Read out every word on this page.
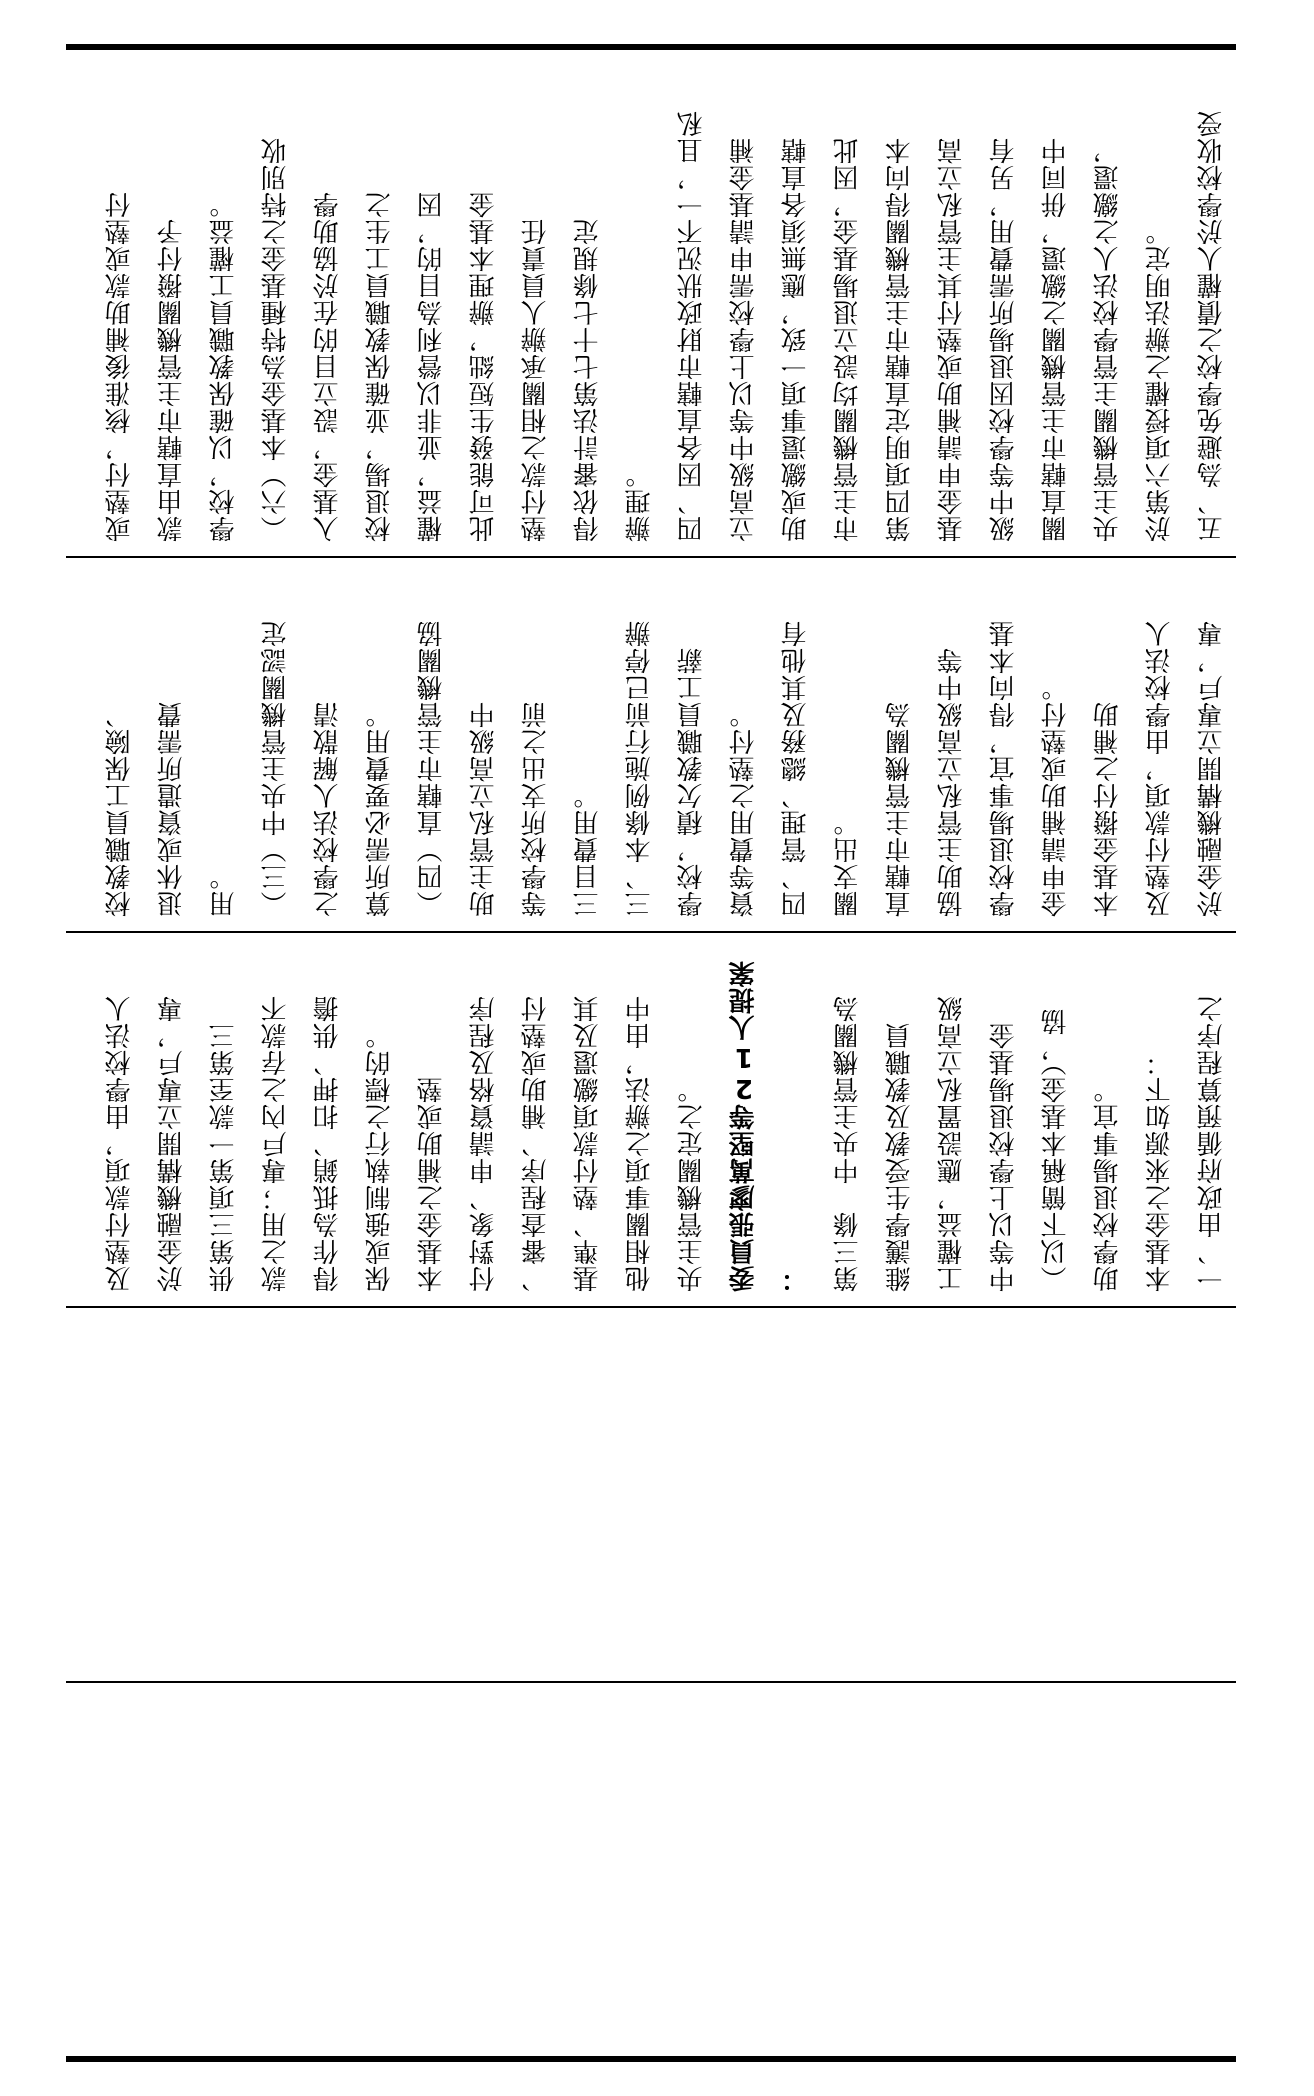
或墊付，核准後補助款或墊付 款由直轄市主管機關撥付予 學校，以確保教職員工權益。 （六）本基金為特種基金之特別收 入基金，設立目的在於協助學 校退場，並確保教職員工生之 權益，並非以營利為目的，因 此可能發生短絀，辦理本基金 墊付款之相關承辦人員責任 得依審計法第七十七條規定 辦理。 四、因各直轄市財政狀況不一，且私 立高級中等以上學校需申請基金補 助或繳還事項一致，應無須各直轄 市主管機關均設立退場基金，因此 第四項明定直轄市主管機關得向本 基金申請補助或墊付其主管私立高 級中等學校因退場所需費用，另有 關直轄市主管機關之繳還，併同中 央主管機關主管學校法人之繳還， 於第六項授權之辦法明定。 五、為避免學校之債權人於學校收受

校教職員工保險、 退休或資遣所需費 用。 （三）中央主管機關認定 之學校法人解散清 算所需必要費用。 （四）直轄市主管機關協 助主管私立高級中 等學校所支出之前 三目費用。 三、本條例施行前已停辦 學校，積欠教職員工薪 資等費用之墊付。 四、管理、總務及其他有 關支出。 直轄市主管機關為 協助主管私立高級中等 學校退場事宜，得向本基 金申請補助或墊付。 本基金撥付之補助 及墊付款項，由學校法人 於金融機構開立專戶，專

及墊付款項，由學校法人 於金融機構開立專戶，專 供第三項第一款至第三 款之用；專戶內之存款不 得作為抵銷、扣押、供擔 保或強制執行之標的。 本基金之補助或墊 付對象、申請資格及程序 、審查程序、補助或墊付 基準、墊付款項繳還及其 他相關事項之辦法，由中 央主管機關定之。 委員張廖萬堅等21人提案 ： 第三條　中央主管機關為 維護學生受教及教職員 工權益，應設置私立高級 中等以上學校退場基金 （以下簡稱本基金），協 助學校退場事宜。 本基金之來源如下： 一、由政府循預算程序之
